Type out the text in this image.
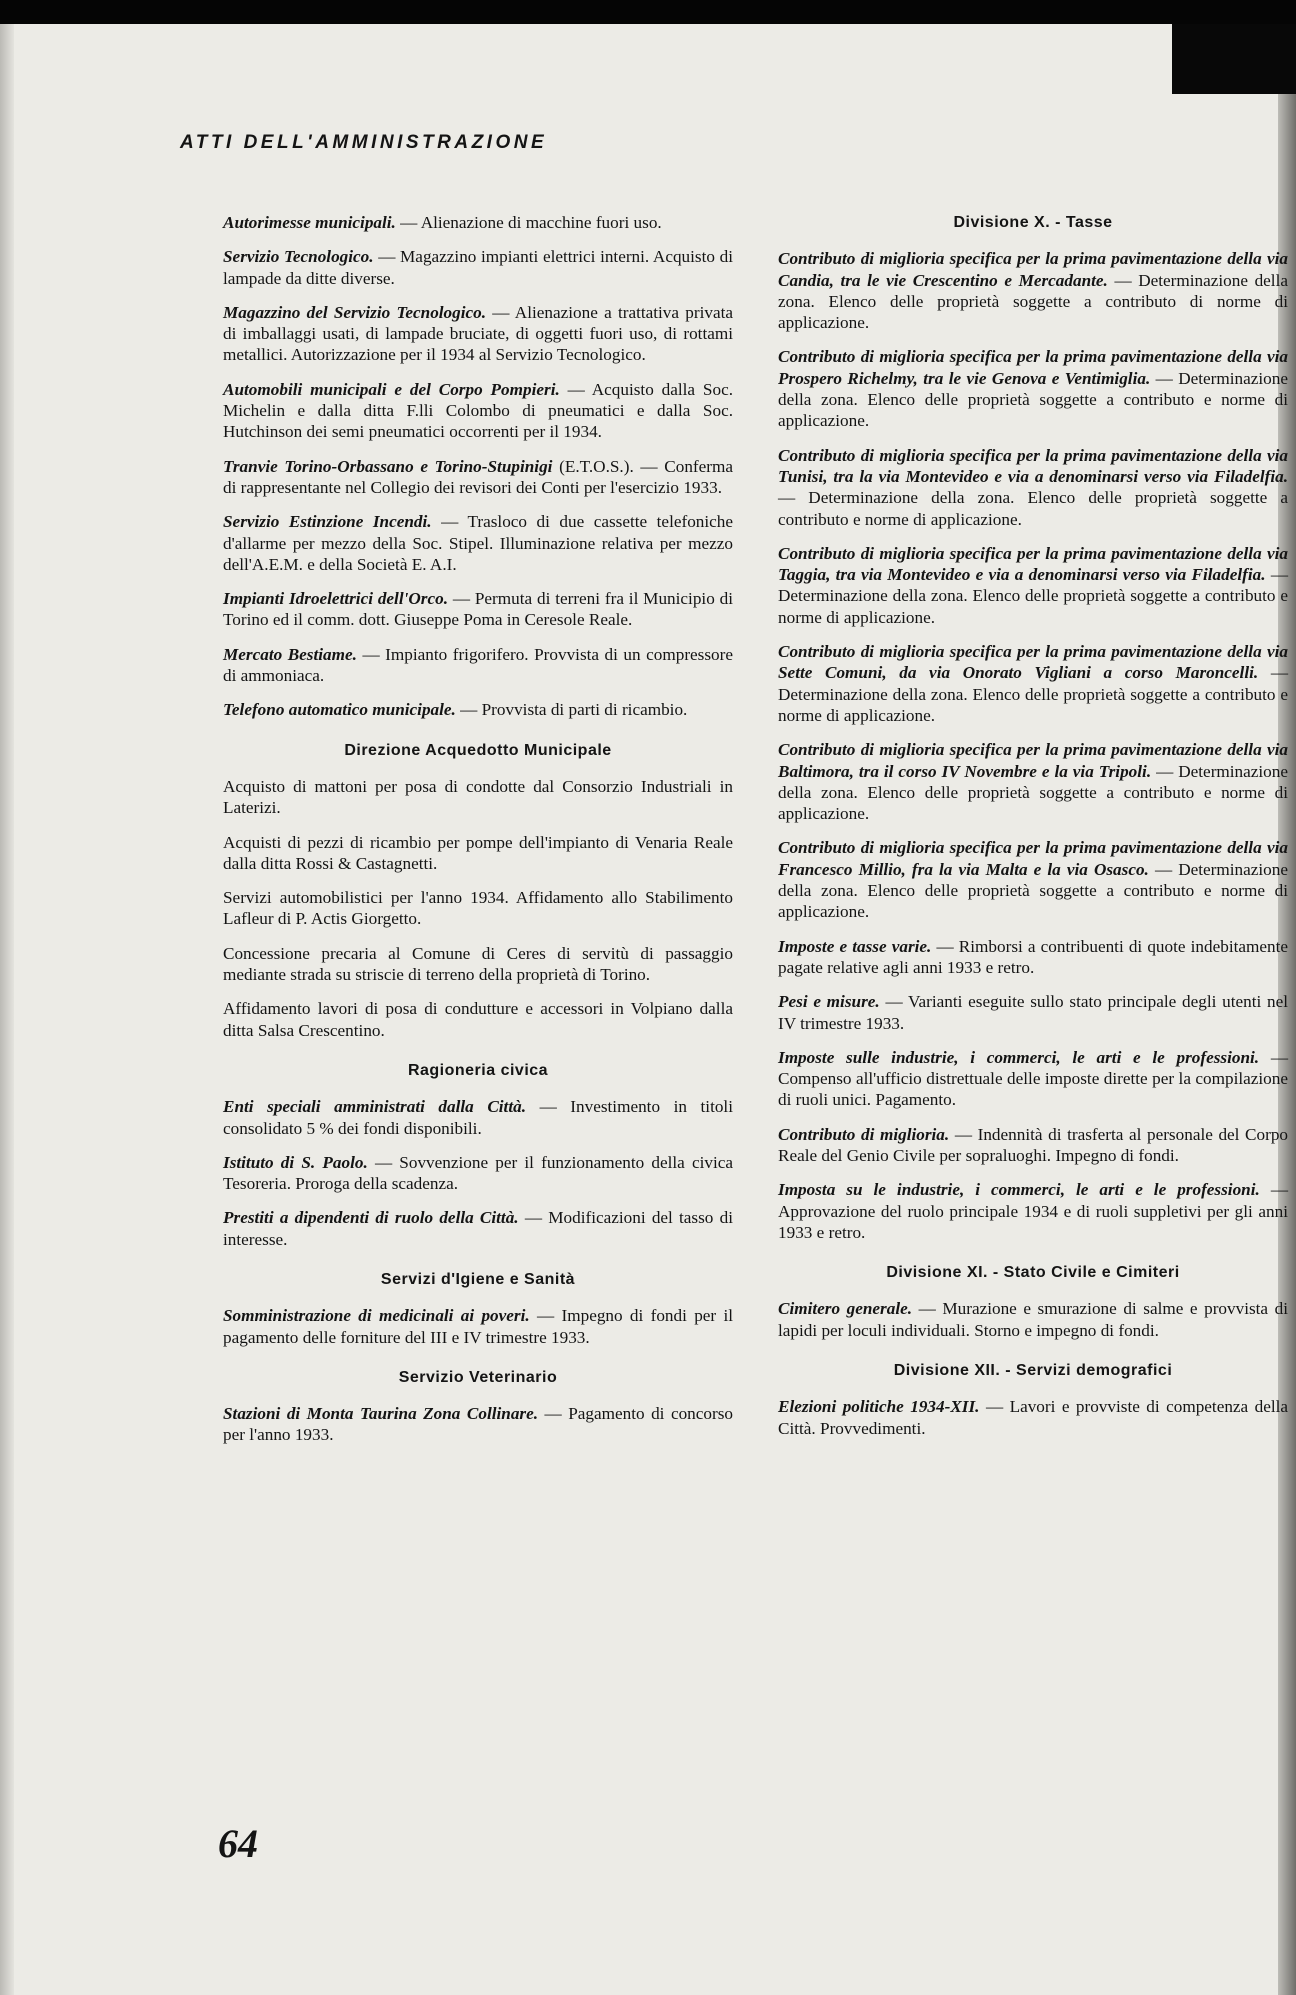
ATTI DELL'AMMINISTRAZIONE

Autorimesse municipali. — Alienazione di macchine fuori uso.

Servizio Tecnologico. — Magazzino impianti elettrici interni. Acquisto di lampade da ditte diverse.

Magazzino del Servizio Tecnologico. — Alienazione a trattativa privata di imballaggi usati, di lampade bruciate, di oggetti fuori uso, di rottami metallici. Autorizzazione per il 1934 al Servizio Tecnologico.

Automobili municipali e del Corpo Pompieri. — Acquisto dalla Soc. Michelin e dalla ditta F.lli Colombo di pneumatici e dalla Soc. Hutchinson dei semi pneumatici occorrenti per il 1934.

Tranvie Torino-Orbassano e Torino-Stupinigi (E.T.O.S.). — Conferma di rappresentante nel Collegio dei revisori dei Conti per l'esercizio 1933.

Servizio Estinzione Incendi. — Trasloco di due cassette telefoniche d'allarme per mezzo della Soc. Stipel. Illuminazione relativa per mezzo dell'A.E.M. e della Società E. A.I.

Impianti Idroelettrici dell'Orco. — Permuta di terreni fra il Municipio di Torino ed il comm. dott. Giuseppe Poma in Ceresole Reale.

Mercato Bestiame. — Impianto frigorifero. Provvista di un compressore di ammoniaca.

Telefono automatico municipale. — Provvista di parti di ricambio.

Direzione Acquedotto Municipale

Acquisto di mattoni per posa di condotte dal Consorzio Industriali in Laterizi.

Acquisti di pezzi di ricambio per pompe dell'impianto di Venaria Reale dalla ditta Rossi & Castagnetti.

Servizi automobilistici per l'anno 1934. Affidamento allo Stabilimento Lafleur di P. Actis Giorgetto.

Concessione precaria al Comune di Ceres di servitù di passaggio mediante strada su striscie di terreno della proprietà di Torino.

Affidamento lavori di posa di condutture e accessori in Volpiano dalla ditta Salsa Crescentino.

Ragioneria civica

Enti speciali amministrati dalla Città. — Investimento in titoli consolidato 5 % dei fondi disponibili.

Istituto di S. Paolo. — Sovvenzione per il funzionamento della civica Tesoreria. Proroga della scadenza.

Prestiti a dipendenti di ruolo della Città. — Modificazioni del tasso di interesse.

Servizi d'Igiene e Sanità

Somministrazione di medicinali ai poveri. — Impegno di fondi per il pagamento delle forniture del III e IV trimestre 1933.

Servizio Veterinario

Stazioni di Monta Taurina Zona Collinare. — Pagamento di concorso per l'anno 1933.

Divisione X. - Tasse

Contributo di miglioria specifica per la prima pavimentazione della via Candia, tra le vie Crescentino e Mercadante. — Determinazione della zona. Elenco delle proprietà soggette a contributo di norme di applicazione.

Contributo di miglioria specifica per la prima pavimentazione della via Prospero Richelmy, tra le vie Genova e Ventimiglia. — Determinazione della zona. Elenco delle proprietà soggette a contributo e norme di applicazione.

Contributo di miglioria specifica per la prima pavimentazione della via Tunisi, tra la via Montevideo e via a denominarsi verso via Filadelfia. — Determinazione della zona. Elenco delle proprietà soggette a contributo e norme di applicazione.

Contributo di miglioria specifica per la prima pavimentazione della via Taggia, tra via Montevideo e via a denominarsi verso via Filadelfia. — Determinazione della zona. Elenco delle proprietà soggette a contributo e norme di applicazione.

Contributo di miglioria specifica per la prima pavimentazione della via Sette Comuni, da via Onorato Vigliani a corso Maroncelli. — Determinazione della zona. Elenco delle proprietà soggette a contributo e norme di applicazione.

Contributo di miglioria specifica per la prima pavimentazione della via Baltimora, tra il corso IV Novembre e la via Tripoli. — Determinazione della zona. Elenco delle proprietà soggette a contributo e norme di applicazione.

Contributo di miglioria specifica per la prima pavimentazione della via Francesco Millio, fra la via Malta e la via Osasco. — Determinazione della zona. Elenco delle proprietà soggette a contributo e norme di applicazione.

Imposte e tasse varie. — Rimborsi a contribuenti di quote indebitamente pagate relative agli anni 1933 e retro.

Pesi e misure. — Varianti eseguite sullo stato principale degli utenti nel IV trimestre 1933.

Imposte sulle industrie, i commerci, le arti e le professioni. — Compenso all'ufficio distrettuale delle imposte dirette per la compilazione di ruoli unici. Pagamento.

Contributo di miglioria. — Indennità di trasferta al personale del Corpo Reale del Genio Civile per sopraluoghi. Impegno di fondi.

Imposta su le industrie, i commerci, le arti e le professioni. — Approvazione del ruolo principale 1934 e di ruoli suppletivi per gli anni 1933 e retro.

Divisione XI. - Stato Civile e Cimiteri

Cimitero generale. — Murazione e smurazione di salme e provvista di lapidi per loculi individuali. Storno e impegno di fondi.

Divisione XII. - Servizi demografici

Elezioni politiche 1934-XII. — Lavori e provviste di competenza della Città. Provvedimenti.

64
